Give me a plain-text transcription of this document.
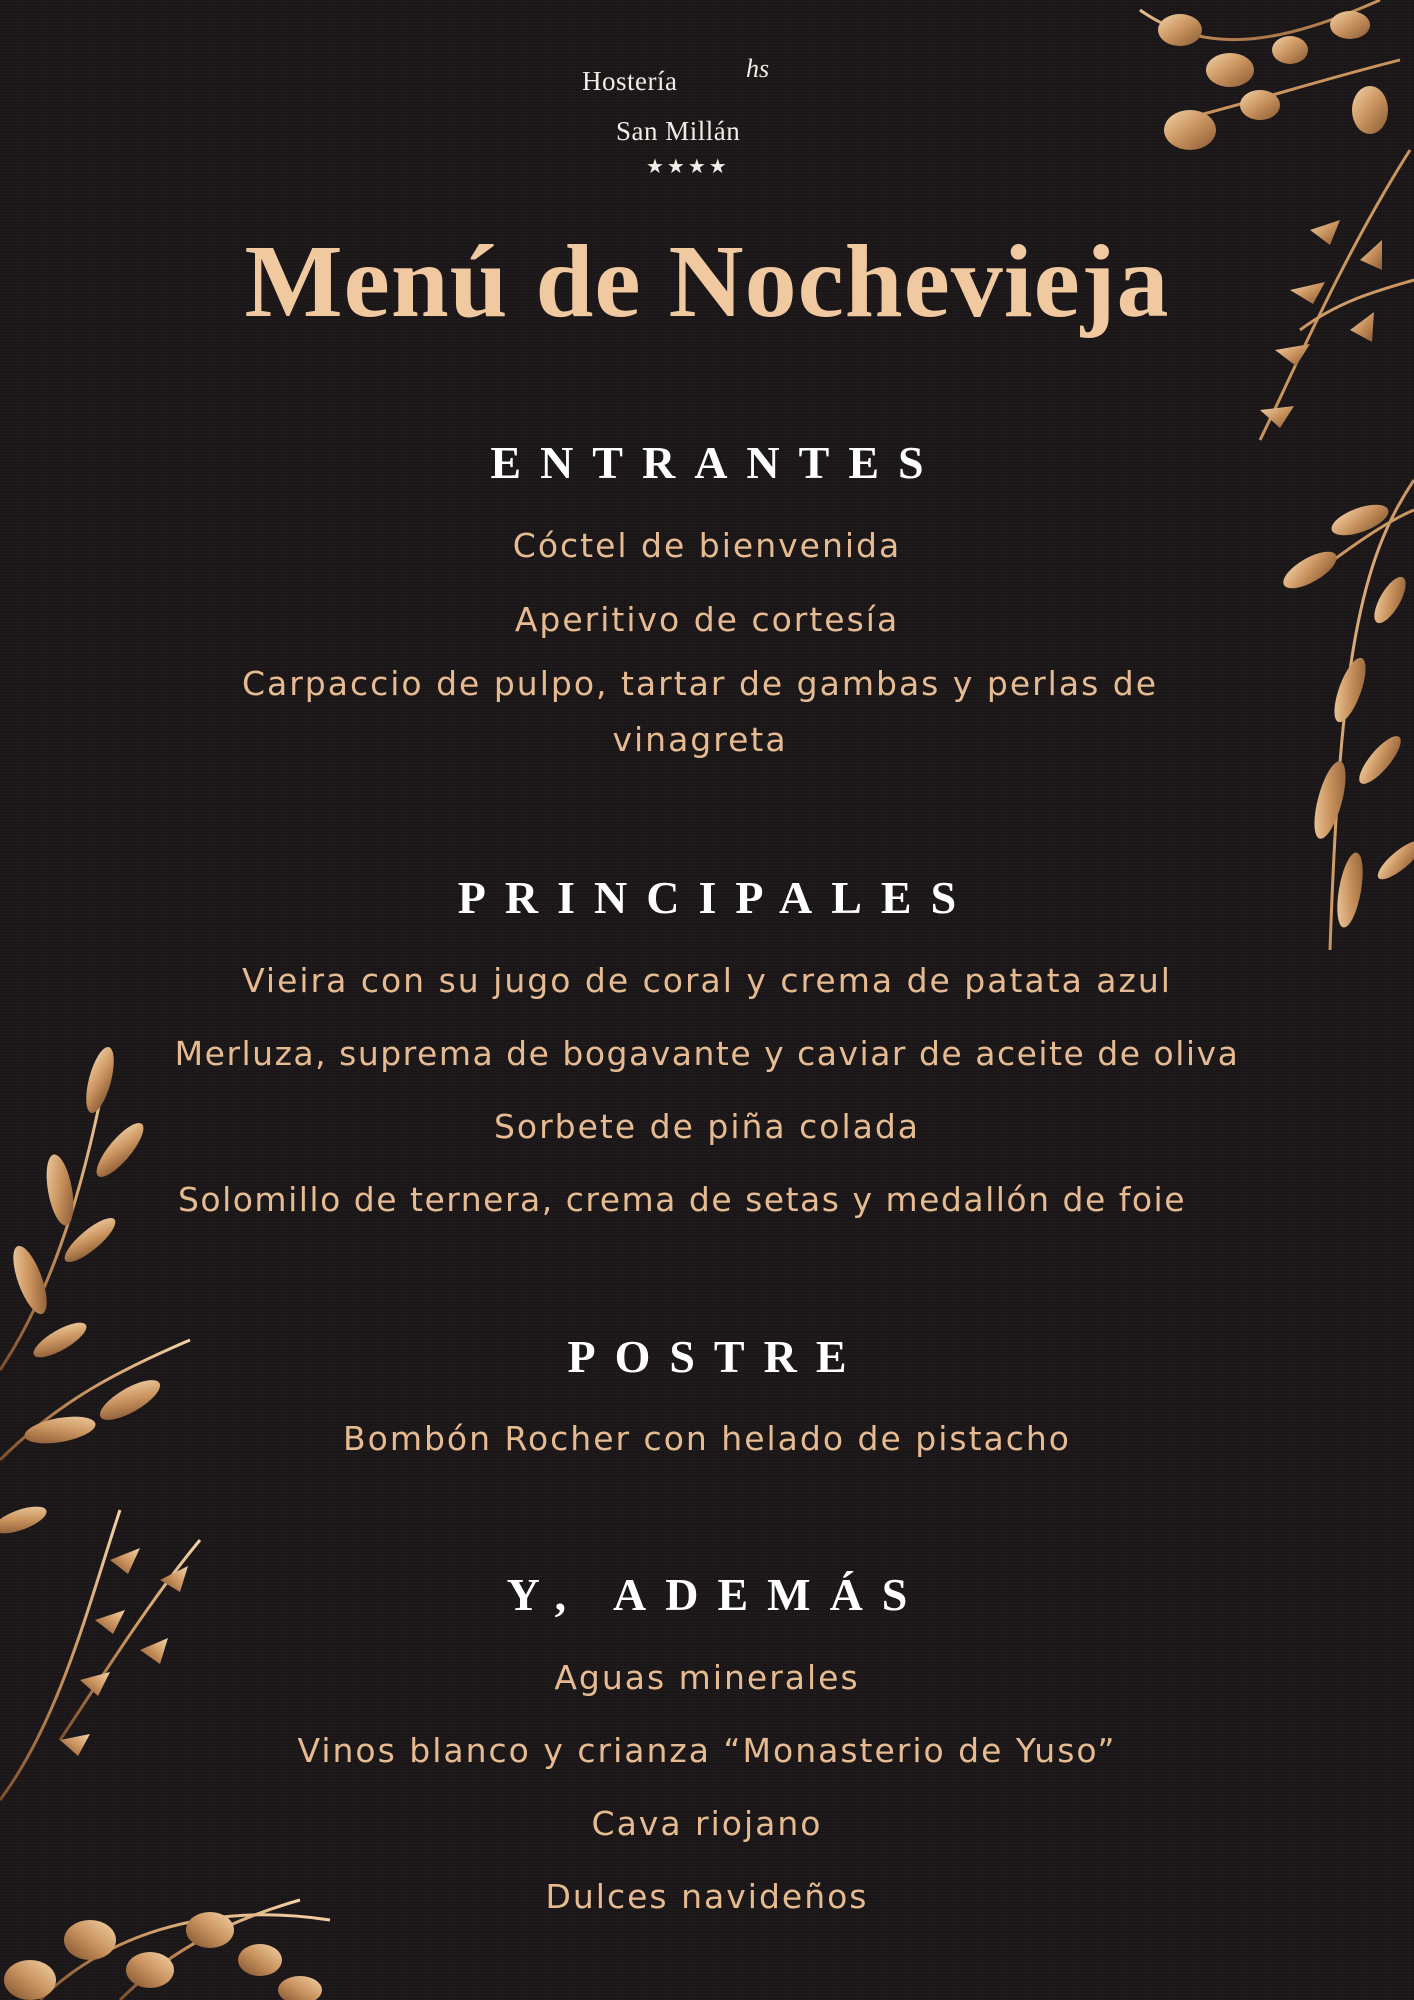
hs
Hostería
San Millán
★★★★
Menú de Nochevieja
ENTRANTES
Cóctel de bienvenida
Aperitivo de cortesía
Carpaccio de pulpo, tartar de gambas y perlas de vinagreta
PRINCIPALES
Vieira con su jugo de coral y crema de patata azul
Merluza, suprema de bogavante y caviar de aceite de oliva
Sorbete de piña colada
Solomillo de ternera, crema de setas y medallón de foie
POSTRE
Bombón Rocher con helado de pistacho
Y, ADEMÁS
Aguas minerales
Vinos blanco y crianza “Monasterio de Yuso”
Cava riojano
Dulces navideños
